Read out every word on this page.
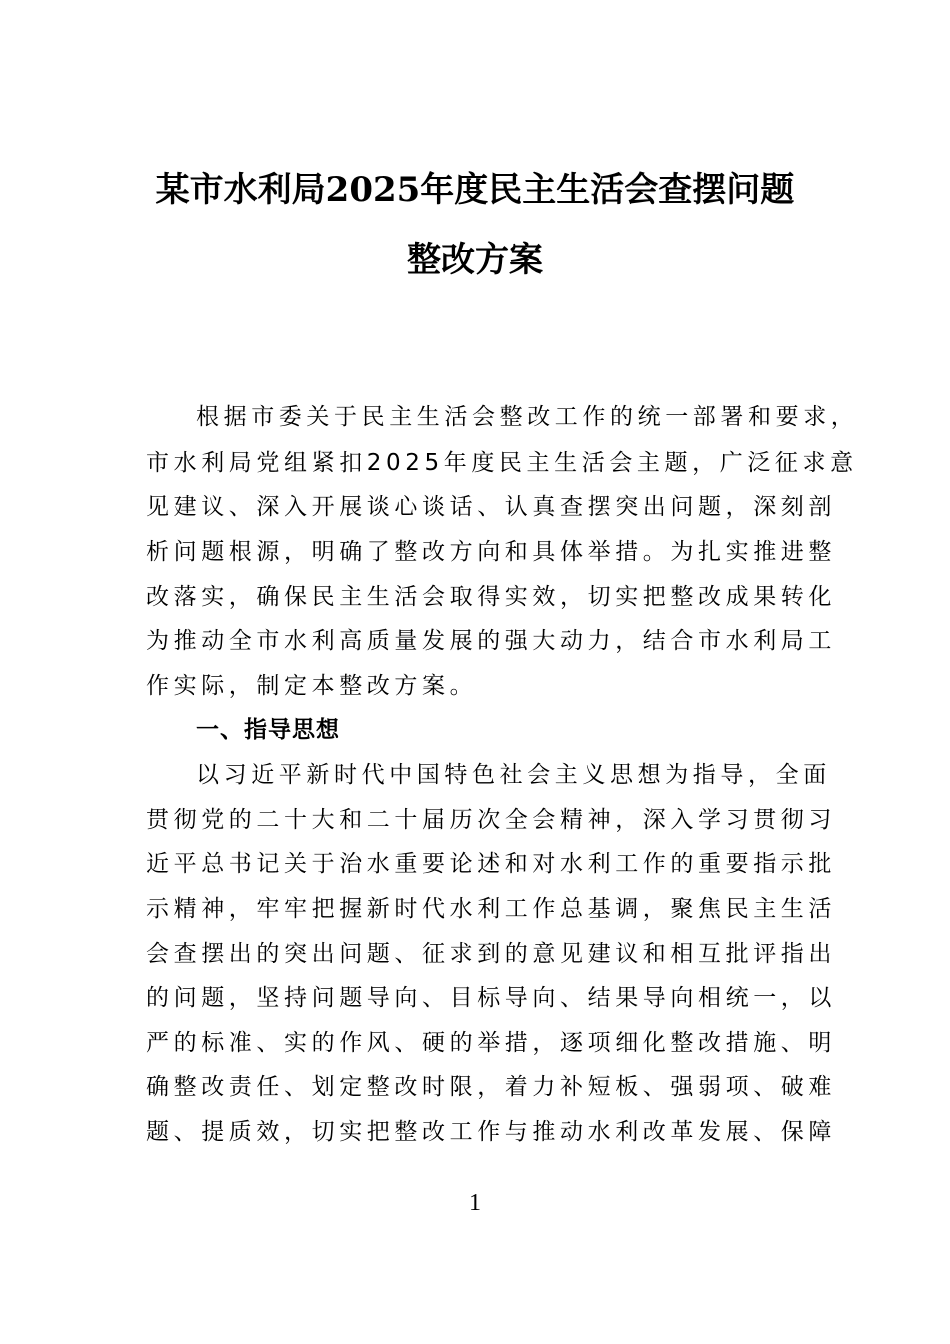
某市水利局2025年度民主生活会查摆问题
整改方案
根据市委关于民主生活会整改工作的统一部署和要求，
市水利局党组紧扣2025年度民主生活会主题，广泛征求意
见建议、深入开展谈心谈话、认真查摆突出问题，深刻剖
析问题根源，明确了整改方向和具体举措。为扎实推进整
改落实，确保民主生活会取得实效，切实把整改成果转化
为推动全市水利高质量发展的强大动力，结合市水利局工
作实际，制定本整改方案。
一、指导思想
以习近平新时代中国特色社会主义思想为指导，全面
贯彻党的二十大和二十届历次全会精神，深入学习贯彻习
近平总书记关于治水重要论述和对水利工作的重要指示批
示精神，牢牢把握新时代水利工作总基调，聚焦民主生活
会查摆出的突出问题、征求到的意见建议和相互批评指出
的问题，坚持问题导向、目标导向、结果导向相统一，以
严的标准、实的作风、硬的举措，逐项细化整改措施、明
确整改责任、划定整改时限，着力补短板、强弱项、破难
题、提质效，切实把整改工作与推动水利改革发展、保障
1
